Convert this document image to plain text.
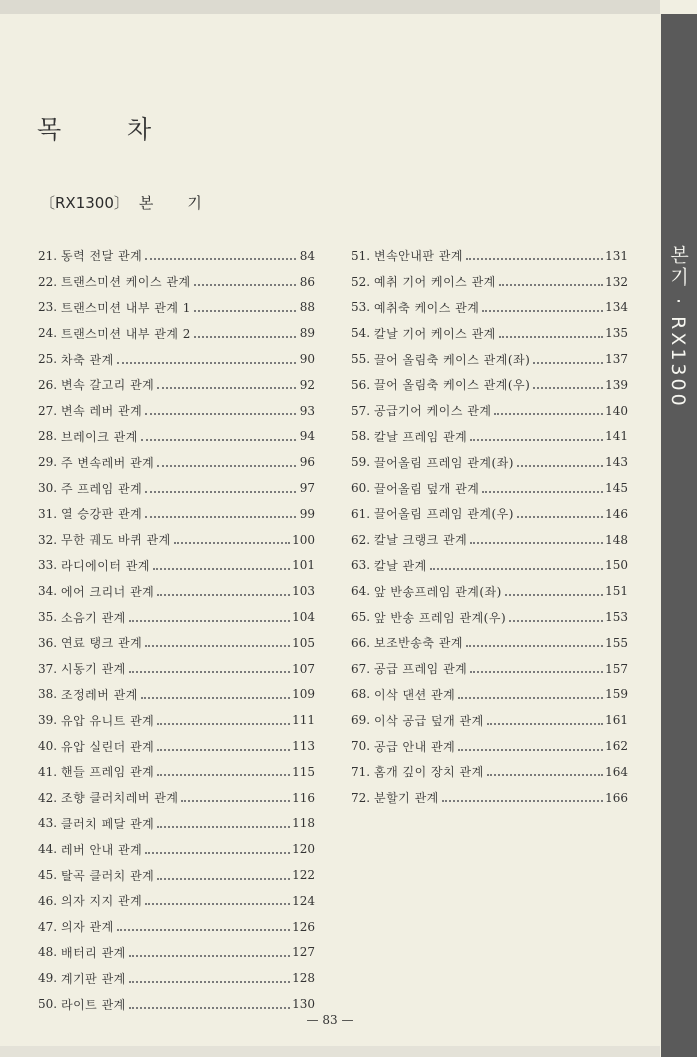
목	차
〔RX1300〕 본 기
21. 동력 전달 관계	84
22. 트랜스미션 케이스 관계	86
23. 트랜스미션 내부 관계 1	88
24. 트랜스미션 내부 관계 2	89
25. 차축 관계	90
26. 변속 갈고리 관계	92
27. 변속 레버 관계	93
28. 브레이크 관계	94
29. 주 변속레버 관계	96
30. 주 프레임 관계	97
31. 열 승강판 관계	99
32. 무한 궤도 바퀴 관계	100
33. 라디에이터 관계	101
34. 에어 크리너 관계	103
35. 소음기 관계	104
36. 연료 탱크 관계	105
37. 시동기 관계	107
38. 조정레버 관계	109
39. 유압 유니트 관계	111
40. 유압 실린더 관계	113
41. 핸들 프레임 관계	115
42. 조향 클러치레버 관계	116
43. 클러치 페달 관계	118
44. 레버 안내 관계	120
45. 탈곡 클러치 관계	122
46. 의자 지지 관계	124
47. 의자 관계	126
48. 배터리 관계	127
49. 계기판 관계	128
50. 라이트 관계	130
51. 변속안내판 관계	131
52. 예취 기어 케이스 관계	132
53. 예취축 케이스 관계	134
54. 칼날 기어 케이스 관계	135
55. 끌어 올림축 케이스 관계(좌)	137
56. 끌어 올림축 케이스 관계(우)	139
57. 공급기어 케이스 관계	140
58. 칼날 프레임 관계	141
59. 끌어올림 프레임 관계(좌)	143
60. 끌어올림 덮개 관계	145
61. 끌어올림 프레임 관계(우)	146
62. 칼날 크랭크 관계	148
63. 칼날 관계	150
64. 앞 반송프레임 관계(좌)	151
65. 앞 반송 프레임 관계(우)	153
66. 보조반송축 관계	155
67. 공급 프레임 관계	157
68. 이삭 댄션 관계	159
69. 이삭 공급 덮개 관계	161
70. 공급 안내 관계	162
71. 홈개 깊이 장치 관계	164
72. 분할기 관계	166
— 83 —
본기 · RX1300
